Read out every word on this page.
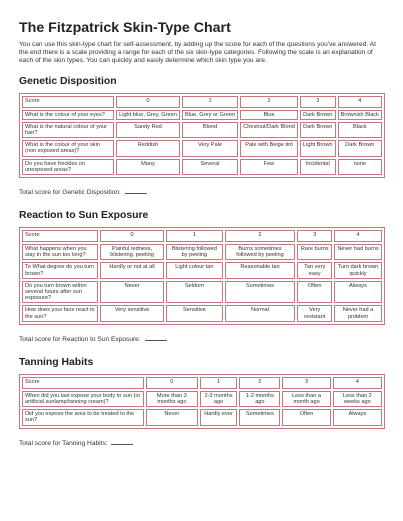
The Fitzpatrick Skin-Type Chart

You can use this skin-type chart for self-assessment, by adding up the score for each of the questions you've answered. At the end there is a scale providing a range for each of the six skin-type categories. Following the scale is an explanation of each of the skin types. You can quickly and easily determine which skin type you are.

Genetic Disposition
Score	0	1	2	3	4
What is the colour of your eyes?	Light blue, Grey, Green	Blue, Grey or Green	Blue	Dark Brown	Brownish Black
What is the natural colour of your hair?	Sandy Red	Blond	Chestnut/Dark Blond	Dark Brown	Black
What is the colour of your skin (non exposed areas)?	Reddish	Very Pale	Pale with Beige tint	Light Brown	Dark Brown
Do you have freckles on unexposed areas?	Many	Several	Few	Incidental	none
Total score for Genetic Disposition:
Reaction to Sun Exposure
Score	0	1	2	3	4
What happens when you stay in the sun too long?	Painful redness, blistering, peeling	Blistering followed by peeling	Burns sometimes followed by peeling	Rare burns	Never had burns
To What degree do you turn brown?	Hardly or not at all	Light colour tan	Reasonable tan	Tan very easy	Turn dark brown quickly
Do you turn brown within several hours after sun exposure?	Never	Seldom	Sometimes	Often	Always
How does your face react to the sun?	Very sensitive	Sensitive	Normal	Very resistant	Never had a problem
Total score for Reaction to Sun Exposure:
Tanning Habits
Score	0	1	2	3	4
When did you last expose your body to sun (or artificial sunlamp/tanning cream)?	More than 3 months ago	2-3 months ago	1-2 months ago	Less than a month ago	Less than 2 weeks ago
Did you expose the area to be treated to the sun?	Never	Hardly ever	Sometimes	Often	Always
Total score for Tanning Habits:
